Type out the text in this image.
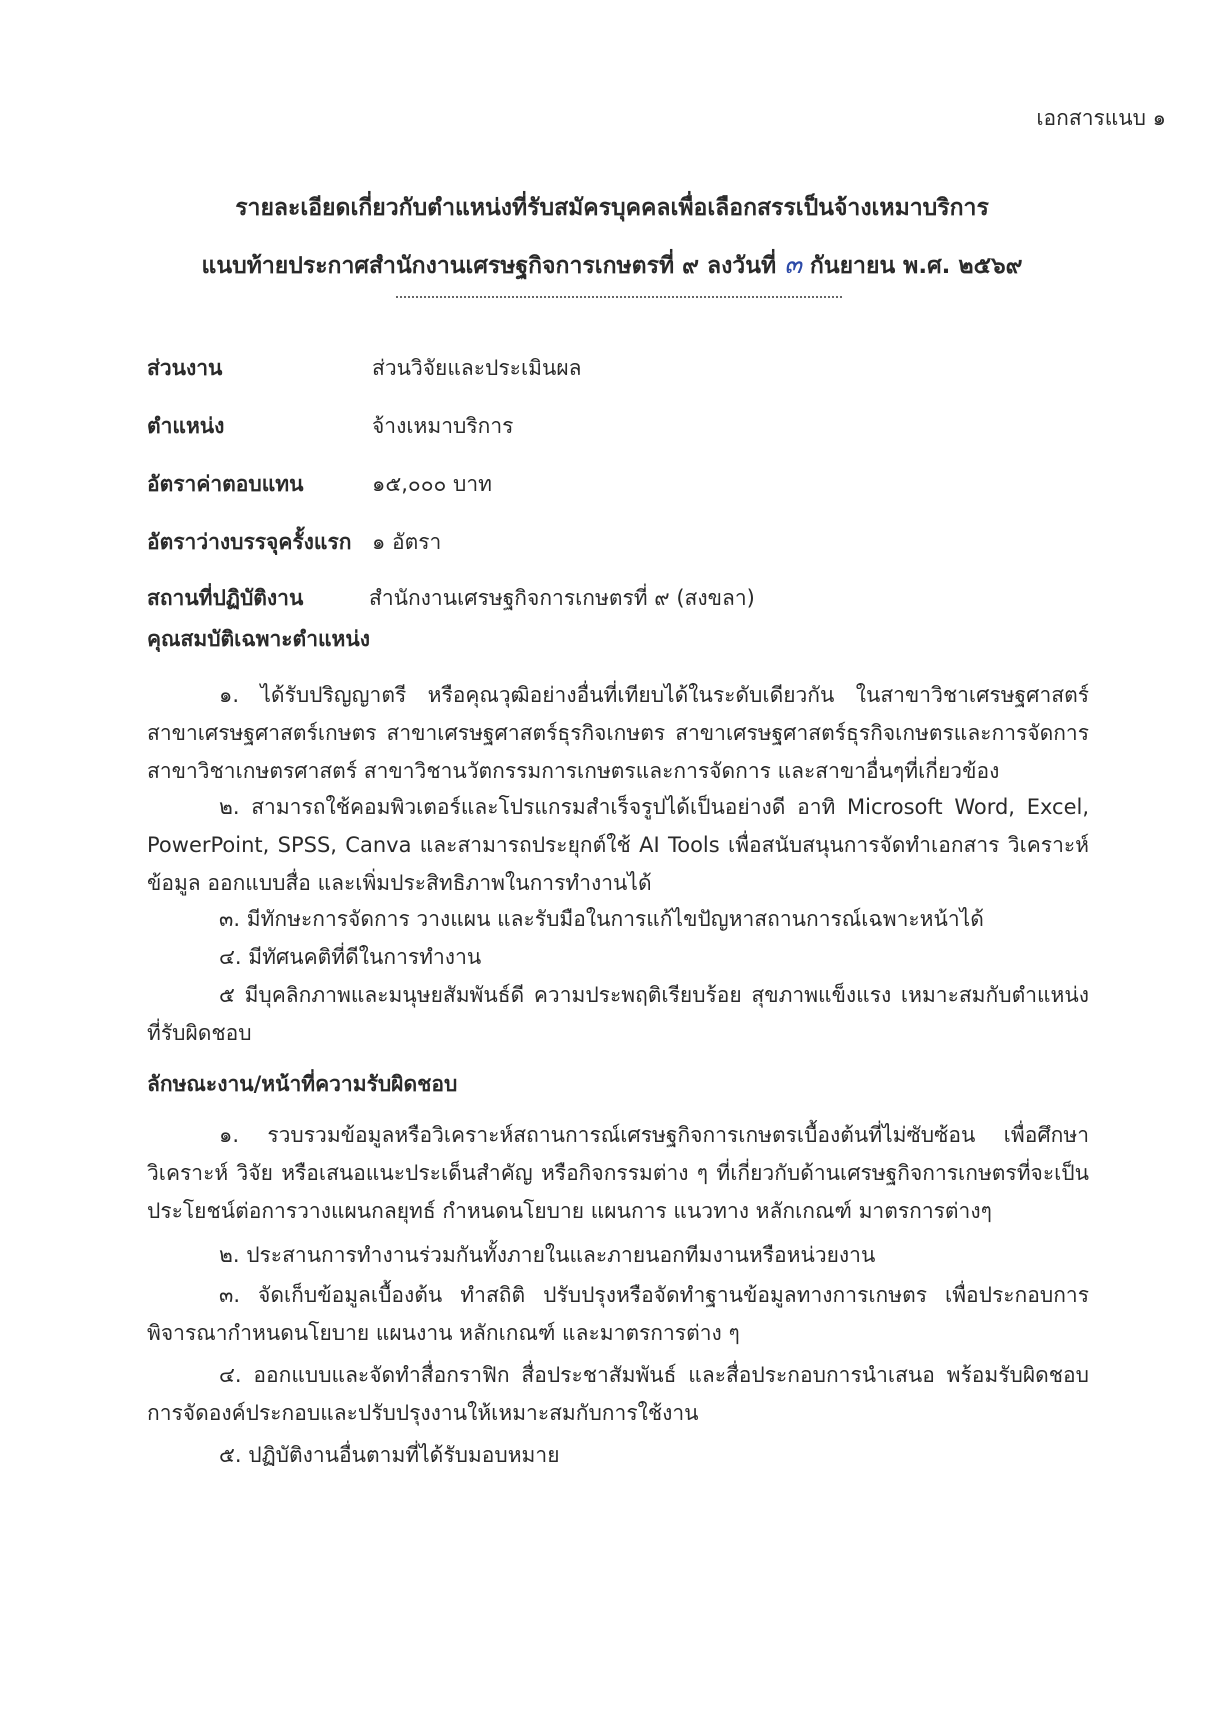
เอกสารแนบ ๑
รายละเอียดเกี่ยวกับตำแหน่งที่รับสมัครบุคคลเพื่อเลือกสรรเป็นจ้างเหมาบริการ
แนบท้ายประกาศสำนักงานเศรษฐกิจการเกษตรที่ ๙ ลงวันที่ ๓ กันยายน พ.ศ. ๒๕๖๙
ส่วนงาน	ส่วนวิจัยและประเมินผล
ตำแหน่ง	จ้างเหมาบริการ
อัตราค่าตอบแทน	๑๕,๐๐๐ บาท
อัตราว่างบรรจุครั้งแรก ๑ อัตรา
สถานที่ปฏิบัติงาน	สำนักงานเศรษฐกิจการเกษตรที่ ๙ (สงขลา)
คุณสมบัติเฉพาะตำแหน่ง
๑. ได้รับปริญญาตรี หรือคุณวุฒิอย่างอื่นที่เทียบได้ในระดับเดียวกัน ในสาขาวิชาเศรษฐศาสตร์ สาขาเศรษฐศาสตร์เกษตร สาขาเศรษฐศาสตร์ธุรกิจเกษตร สาขาเศรษฐศาสตร์ธุรกิจเกษตรและการจัดการ สาขาวิชาเกษตรศาสตร์ สาขาวิชานวัตกรรมการเกษตรและการจัดการ และสาขาอื่นๆที่เกี่ยวข้อง
๒. สามารถใช้คอมพิวเตอร์และโปรแกรมสำเร็จรูปได้เป็นอย่างดี อาทิ Microsoft Word, Excel, PowerPoint, SPSS, Canva และสามารถประยุกต์ใช้ AI Tools เพื่อสนับสนุนการจัดทำเอกสาร วิเคราะห์ข้อมูล ออกแบบสื่อ และเพิ่มประสิทธิภาพในการทำงานได้
๓. มีทักษะการจัดการ วางแผน และรับมือในการแก้ไขปัญหาสถานการณ์เฉพาะหน้าได้
๔. มีทัศนคติที่ดีในการทำงาน
๕ มีบุคลิกภาพและมนุษยสัมพันธ์ดี ความประพฤติเรียบร้อย สุขภาพแข็งแรง เหมาะสมกับตำแหน่งที่รับผิดชอบ
ลักษณะงาน/หน้าที่ความรับผิดชอบ
๑. รวบรวมข้อมูลหรือวิเคราะห์สถานการณ์เศรษฐกิจการเกษตรเบื้องต้นที่ไม่ซับซ้อน เพื่อศึกษา วิเคราะห์ วิจัย หรือเสนอแนะประเด็นสำคัญ หรือกิจกรรมต่าง ๆ ที่เกี่ยวกับด้านเศรษฐกิจการเกษตรที่จะเป็นประโยชน์ต่อการวางแผนกลยุทธ์ กำหนดนโยบาย แผนการ แนวทาง หลักเกณฑ์ มาตรการต่างๆ
๒. ประสานการทำงานร่วมกันทั้งภายในและภายนอกทีมงานหรือหน่วยงาน
๓. จัดเก็บข้อมูลเบื้องต้น ทำสถิติ ปรับปรุงหรือจัดทำฐานข้อมูลทางการเกษตร เพื่อประกอบการพิจารณากำหนดนโยบาย แผนงาน หลักเกณฑ์ และมาตรการต่าง ๆ
๔. ออกแบบและจัดทำสื่อกราฟิก สื่อประชาสัมพันธ์ และสื่อประกอบการนำเสนอ พร้อมรับผิดชอบการจัดองค์ประกอบและปรับปรุงงานให้เหมาะสมกับการใช้งาน
๕. ปฏิบัติงานอื่นตามที่ได้รับมอบหมาย
